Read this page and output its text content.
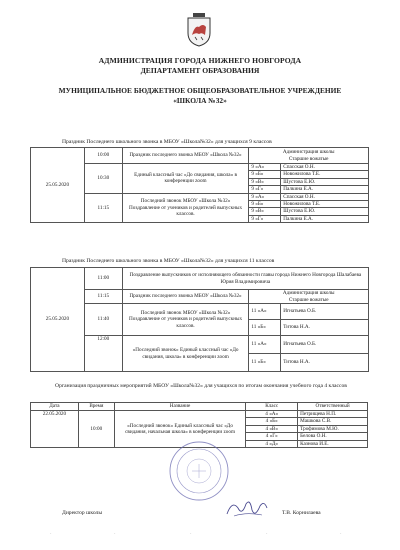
АДМИНИСТРАЦИЯ ГОРОДА НИЖНЕГО НОВГОРОДА
ДЕПАРТАМЕНТ ОБРАЗОВАНИЯ
МУНИЦИПАЛЬНОЕ БЮДЖЕТНОЕ ОБЩЕОБРАЗОВАТЕЛЬНОЕ УЧРЕЖДЕНИЕ
«ШКОЛА №32»
Праздник Последнего школьного звонка в МБОУ «Школа№32» для учащихся 9 классов
25.05.2020	10:00	Праздник последнего звонка МБОУ «Школа №32»	Администрация школы
Старшие вожатые	
	10:30	Единый классный час «До свидания, школа» в конференции zoom	9 «А»	Спасская О.Н.
			9 «Б»	Новожилова Т.Е.
			9 «В»	Шустова Е.Ю.
			9 «Г»	Палкина Е.А.
	11:15	Последний звонок МБОУ «Школа №32» Поздравление от учеников и родителей выпускных классов.	9 «А»	Спасская О.Н.
			9 «Б»	Новожилова Т.Е.
			9 «В»	Шустова Е.Ю.
			9 «Г»	Палкина Е.А.
Праздник Последнего школьного звонка в МБОУ «Школа№32» для учащихся 11 классов
25.05.2020	11:00	Поздравление выпускников от исполняющего обязанности главы города Нижнего Новгорода Шалабаева Юрия Владимировича		
	11:15	Праздник последнего звонка МБОУ «Школа №32»	Администрация школы
Старшие вожатые	
	11:40	Последний звонок МБОУ «Школа №32» Поздравление от учеников и родителей выпускных классов.	11 «А»	Игнатьева О.Б.
			11 «Б»	Титова Н.А.
	12:00	«Последний звонок» Единый классный час «До свидания, школа» в конференции zoom	11 «А»	Игнатьева О.Б.
			11 «Б»	Титова Н.А.
Организация праздничных мероприятий МБОУ «Школа№32» для учащихся по итогам окончания учебного года 4 классов
Дата	Время	Название	Класс	Ответственный
22.05.2020	10:00	«Последний звонок» Единый классный час «До свидания, начальная школа» в конференции zoom	4 «А»	Петрищева Н.П.
			4 «Б»	Машкова С.В.
			4 «В»	Трофимова М.Ю.
			4 «Г»	Белова О.Н.
			4 «Д»	Казнова И.Е.
Директор школы	Т.В. Корнилаева
·	·	·	·	·
